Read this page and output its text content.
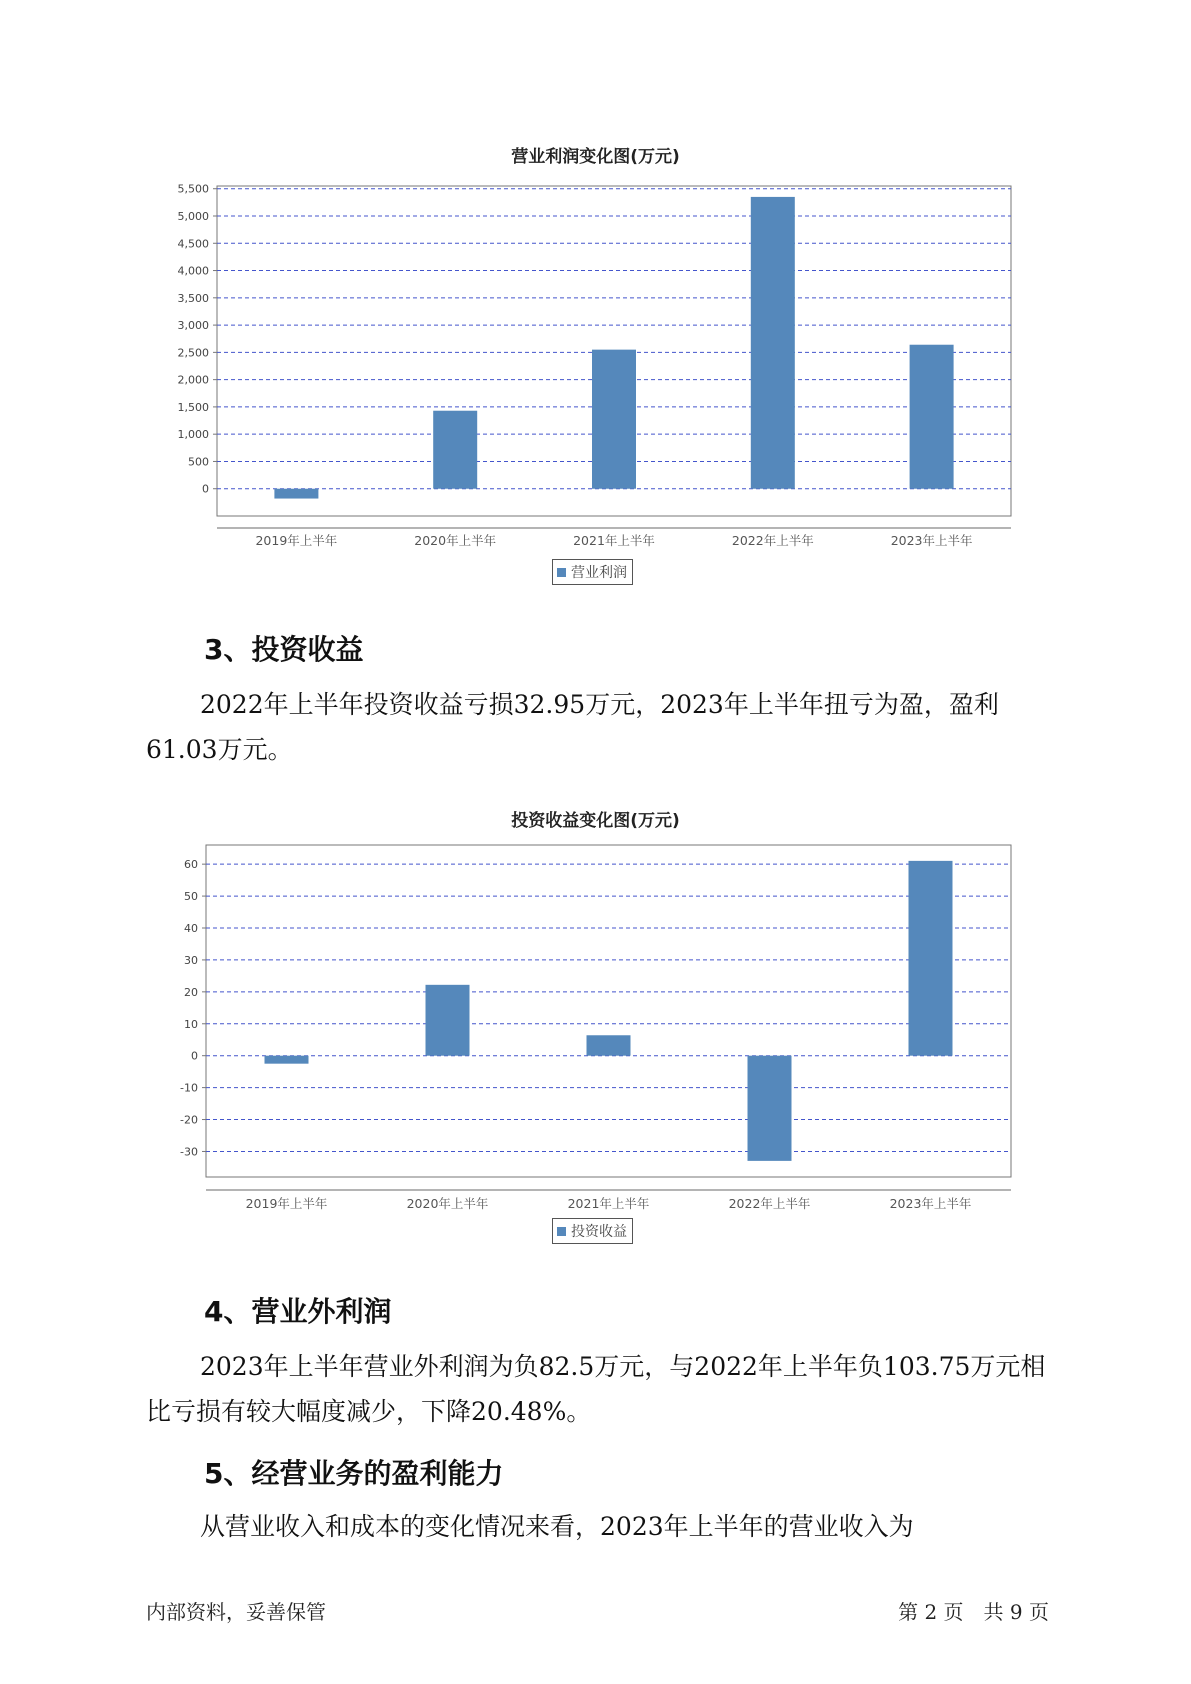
营业利润变化图(万元)
0
500
1,000
1,500
2,000
2,500
3,000
3,500
4,000
4,500
5,000
5,500
2019年上半年	2020年上半年	2021年上半年	2022年上半年	2023年上半年
营业利润
3、投资收益

2022年上半年投资收益亏损32.95万元，2023年上半年扭亏为盈，盈利61.03万元。

投资收益变化图(万元)
-30
-20
-10
0
10
20
30
40
50
60
2019年上半年	2020年上半年	2021年上半年	2022年上半年	2023年上半年
投资收益
4、营业外利润

2023年上半年营业外利润为负82.5万元，与2022年上半年负103.75万元相比亏损有较大幅度减少，下降20.48%。

5、经营业务的盈利能力

从营业收入和成本的变化情况来看，2023年上半年的营业收入为

内部资料，妥善保管	第 2 页　共 9 页
